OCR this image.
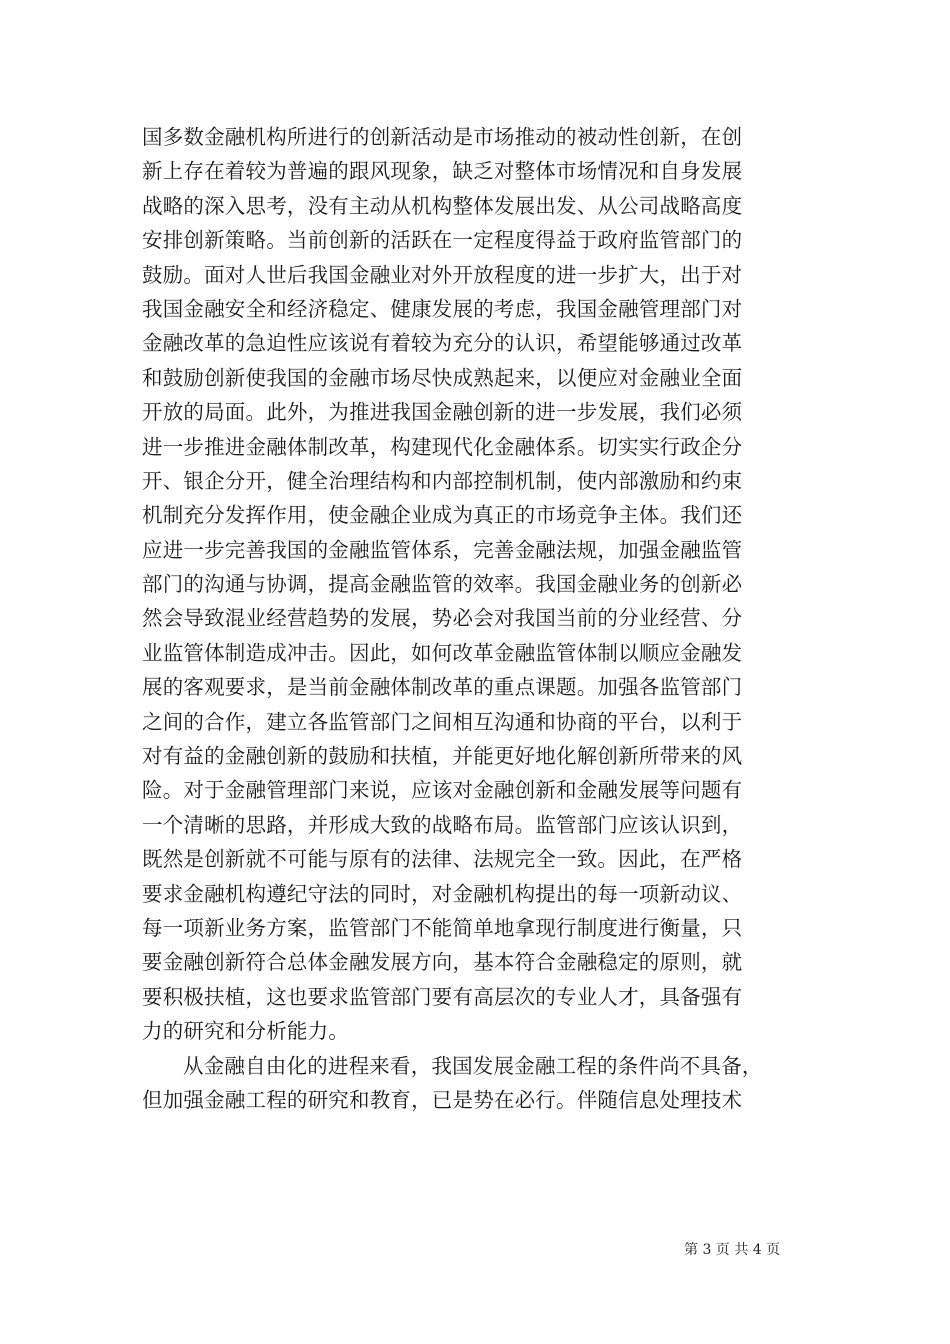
国多数金融机构所进行的创新活动是市场推动的被动性创新，在创
新上存在着较为普遍的跟风现象，缺乏对整体市场情况和自身发展
战略的深入思考，没有主动从机构整体发展出发、从公司战略高度
安排创新策略。当前创新的活跃在一定程度得益于政府监管部门的
鼓励。面对人世后我国金融业对外开放程度的进一步扩大，出于对
我国金融安全和经济稳定、健康发展的考虑，我国金融管理部门对
金融改革的急迫性应该说有着较为充分的认识，希望能够通过改革
和鼓励创新使我国的金融市场尽快成熟起来，以便应对金融业全面
开放的局面。此外，为推进我国金融创新的进一步发展，我们必须
进一步推进金融体制改革，构建现代化金融体系。切实实行政企分
开、银企分开，健全治理结构和内部控制机制，使内部激励和约束
机制充分发挥作用，使金融企业成为真正的市场竞争主体。我们还
应进一步完善我国的金融监管体系，完善金融法规，加强金融监管
部门的沟通与协调，提高金融监管的效率。我国金融业务的创新必
然会导致混业经营趋势的发展，势必会对我国当前的分业经营、分
业监管体制造成冲击。因此，如何改革金融监管体制以顺应金融发
展的客观要求，是当前金融体制改革的重点课题。加强各监管部门
之间的合作，建立各监管部门之间相互沟通和协商的平台，以利于
对有益的金融创新的鼓励和扶植，并能更好地化解创新所带来的风
险。对于金融管理部门来说，应该对金融创新和金融发展等问题有
一个清晰的思路，并形成大致的战略布局。监管部门应该认识到，
既然是创新就不可能与原有的法律、法规完全一致。因此，在严格
要求金融机构遵纪守法的同时，对金融机构提出的每一项新动议、
每一项新业务方案，监管部门不能简单地拿现行制度进行衡量，只
要金融创新符合总体金融发展方向，基本符合金融稳定的原则，就
要积极扶植，这也要求监管部门要有高层次的专业人才，具备强有
力的研究和分析能力。
从金融自由化的进程来看，我国发展金融工程的条件尚不具备，
但加强金融工程的研究和教育，已是势在必行。伴随信息处理技术
第 3 页 共 4 页
